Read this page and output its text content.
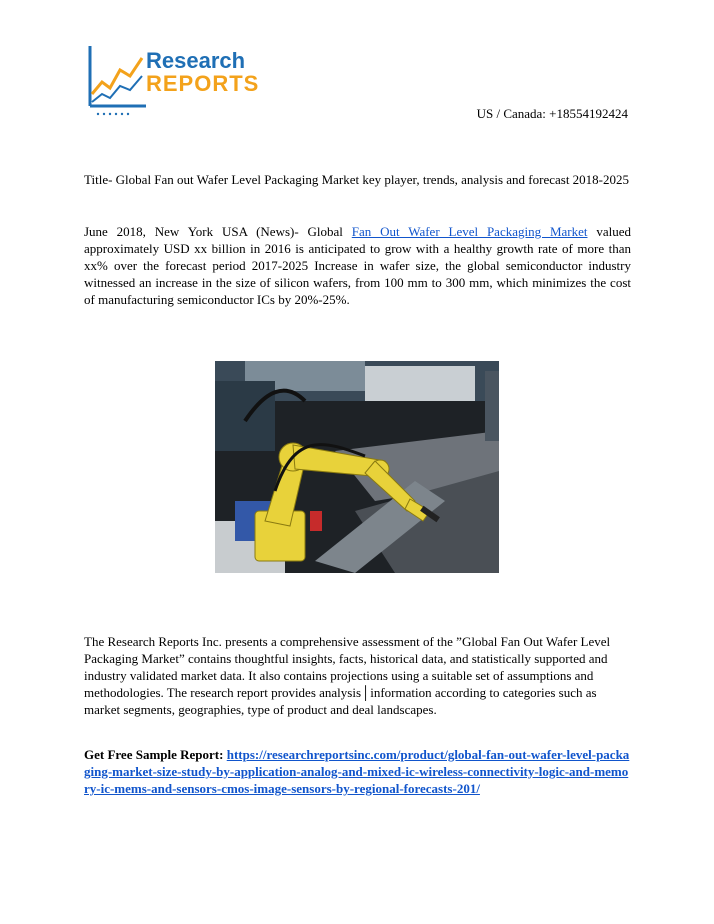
Research
REPORTS
US / Canada: +18554192424
Title- Global Fan out Wafer Level Packaging Market key player, trends, analysis and forecast 2018-2025
June 2018, New York USA (News)- Global Fan Out Wafer Level Packaging Market valued approximately USD xx billion in 2016 is anticipated to grow with a healthy growth rate of more than xx% over the forecast period 2017-2025 Increase in wafer size, the global semiconductor industry witnessed an increase in the size of silicon wafers, from 100 mm to 300 mm, which minimizes the cost of manufacturing semiconductor ICs by 20%-25%.
The Research Reports Inc. presents a comprehensive assessment of the ”Global Fan Out Wafer Level Packaging Market” contains thoughtful insights, facts, historical data, and statistically supported and industry validated market data. It also contains projections using a suitable set of assumptions and methodologies. The research report provides analysis│information according to categories such as market segments, geographies, type of product and deal landscapes.
Get Free Sample Report: https://researchreportsinc.com/product/global-fan-out-wafer-level-packaging-market-size-study-by-application-analog-and-mixed-ic-wireless-connectivity-logic-and-memory-ic-mems-and-sensors-cmos-image-sensors-by-regional-forecasts-201/
